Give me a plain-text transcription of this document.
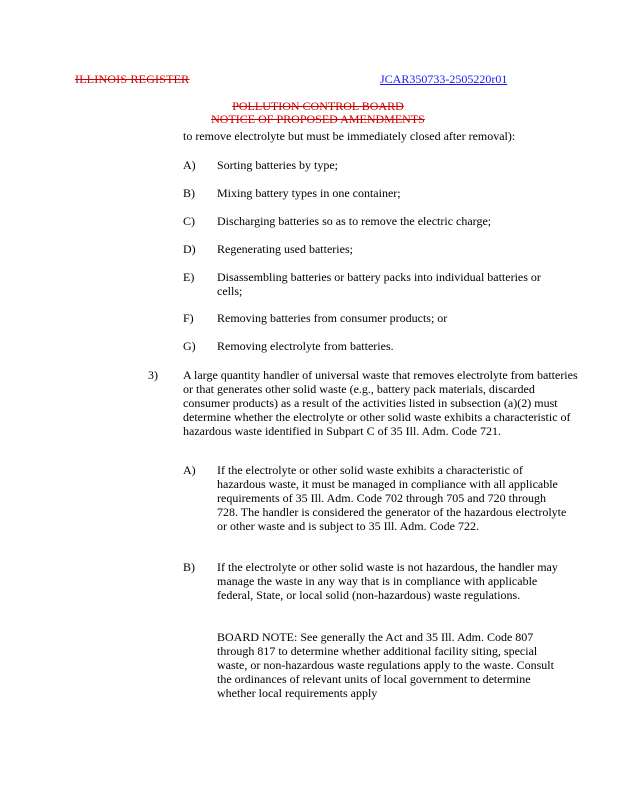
ILLINOIS REGISTER	JCAR350733-2505220r01
POLLUTION CONTROL BOARD
NOTICE OF PROPOSED AMENDMENTS
to remove electrolyte but must be immediately closed after removal):
A) Sorting batteries by type;
B) Mixing battery types in one container;
C) Discharging batteries so as to remove the electric charge;
D) Regenerating used batteries;
E) Disassembling batteries or battery packs into individual batteries or cells;
F) Removing batteries from consumer products; or
G) Removing electrolyte from batteries.
3) A large quantity handler of universal waste that removes electrolyte from batteries or that generates other solid waste (e.g., battery pack materials, discarded consumer products) as a result of the activities listed in subsection (a)(2) must determine whether the electrolyte or other solid waste exhibits a characteristic of hazardous waste identified in Subpart C of 35 Ill. Adm. Code 721.
A) If the electrolyte or other solid waste exhibits a characteristic of hazardous waste, it must be managed in compliance with all applicable requirements of 35 Ill. Adm. Code 702 through 705 and 720 through 728. The handler is considered the generator of the hazardous electrolyte or other waste and is subject to 35 Ill. Adm. Code 722.
B) If the electrolyte or other solid waste is not hazardous, the handler may manage the waste in any way that is in compliance with applicable federal, State, or local solid (non-hazardous) waste regulations.
BOARD NOTE: See generally the Act and 35 Ill. Adm. Code 807 through 817 to determine whether additional facility siting, special waste, or non-hazardous waste regulations apply to the waste. Consult the ordinances of relevant units of local government to determine whether local requirements apply
